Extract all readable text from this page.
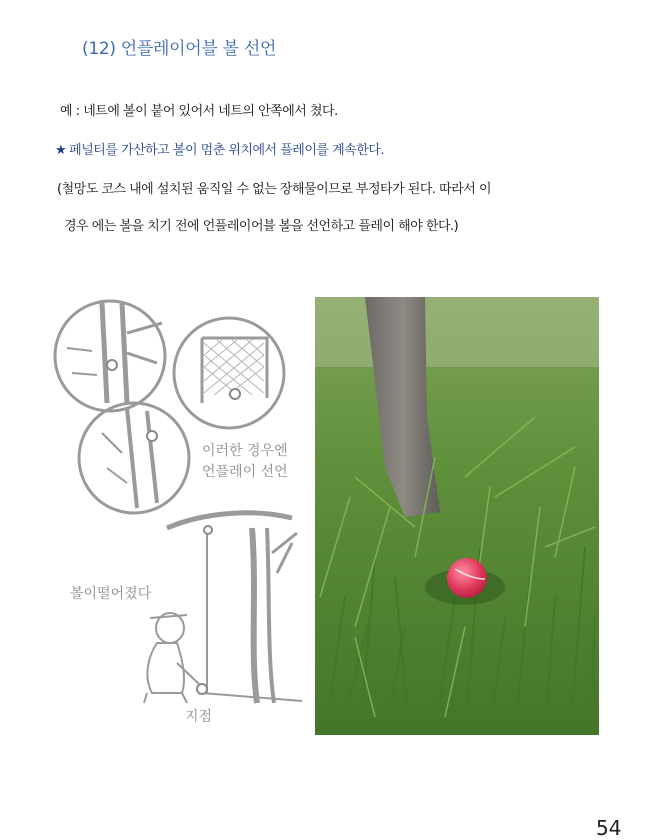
(12) 언플레이어블 볼 선언
예 : 네트에 볼이 붙어 있어서 네트의 안쪽에서 쳤다.
★ 페널티를 가산하고 볼이 멈춘 위치에서 플레이를 계속한다.
(철망도 코스 내에 설치된 움직일 수 없는 장해물이므로 부정타가 된다. 따라서 이
경우 에는 볼을 치기 전에 언플레이어블 볼을 선언하고 플레이 해야 한다.)
이러한 경우엔
언플레이 선언
볼이떨어졌다
지점
54
